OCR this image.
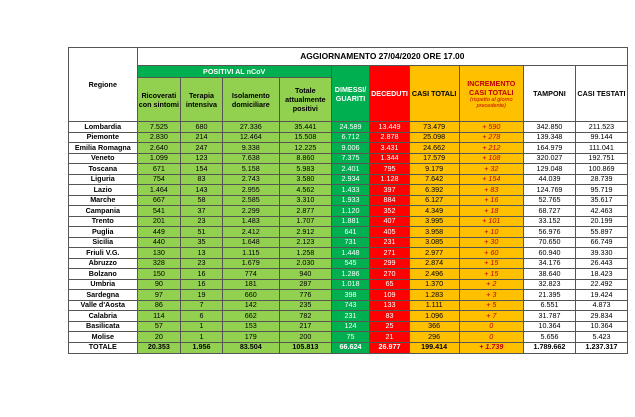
Regione	AGGIORNAMENTO 27/04/2020 ORE 17.00									
	POSITIVI AL nCoV				DIMESSI/ GUARITI	DECEDUTI	CASI TOTALI	INCREMENTO CASI TOTALI
(rispetto al giorno precedente)	TAMPONI	CASI TESTATI
	Ricoverati con sintomi	Terapia intensiva	Isolamento domiciliare	Totale attualmente positivi						
Lombardia	7.525	680	27.336	35.441	24.589	13.449	73.479	+ 590	342.850	211.523
Piemonte	2.830	214	12.464	15.508	6.712	2.878	25.098	+ 278	139.348	99.144
Emilia Romagna	2.640	247	9.338	12.225	9.006	3.431	24.662	+ 212	164.979	111.041
Veneto	1.099	123	7.638	8.860	7.375	1.344	17.579	+ 108	320.027	192.751
Toscana	671	154	5.158	5.983	2.401	795	9.179	+ 32	129.048	100.869
Liguria	754	83	2.743	3.580	2.934	1.128	7.642	+ 154	44.039	28.739
Lazio	1.464	143	2.955	4.562	1.433	397	6.392	+ 83	124.769	95.719
Marche	667	58	2.585	3.310	1.933	884	6.127	+ 16	52.765	35.617
Campania	541	37	2.299	2.877	1.120	352	4.349	+ 18	68.727	42.463
Trento	201	23	1.483	1.707	1.881	407	3.995	+ 101	33.152	20.199
Puglia	449	51	2.412	2.912	641	405	3.958	+ 10	56.976	55.897
Sicilia	440	35	1.648	2.123	731	231	3.085	+ 30	70.650	66.749
Friuli V.G.	130	13	1.115	1.258	1.448	271	2.977	+ 60	60.940	39.330
Abruzzo	328	23	1.679	2.030	545	299	2.874	+ 15	34.176	26.443
Bolzano	150	16	774	940	1.286	270	2.496	+ 15	38.640	18.423
Umbria	90	16	181	287	1.018	65	1.370	+ 2	32.823	22.492
Sardegna	97	19	660	776	398	109	1.283	+ 3	21.395	19.424
Valle d'Aosta	86	7	142	235	743	133	1.111	+ 5	6.551	4.873
Calabria	114	6	662	782	231	83	1.096	+ 7	31.787	29.834
Basilicata	57	1	153	217	124	25	366	0	10.364	10.364
Molise	20	1	179	200	75	21	296	0	5.656	5.423
TOTALE	20.353	1.956	83.504	105.813	66.624	26.977	199.414	+ 1.739	1.789.662	1.237.317
